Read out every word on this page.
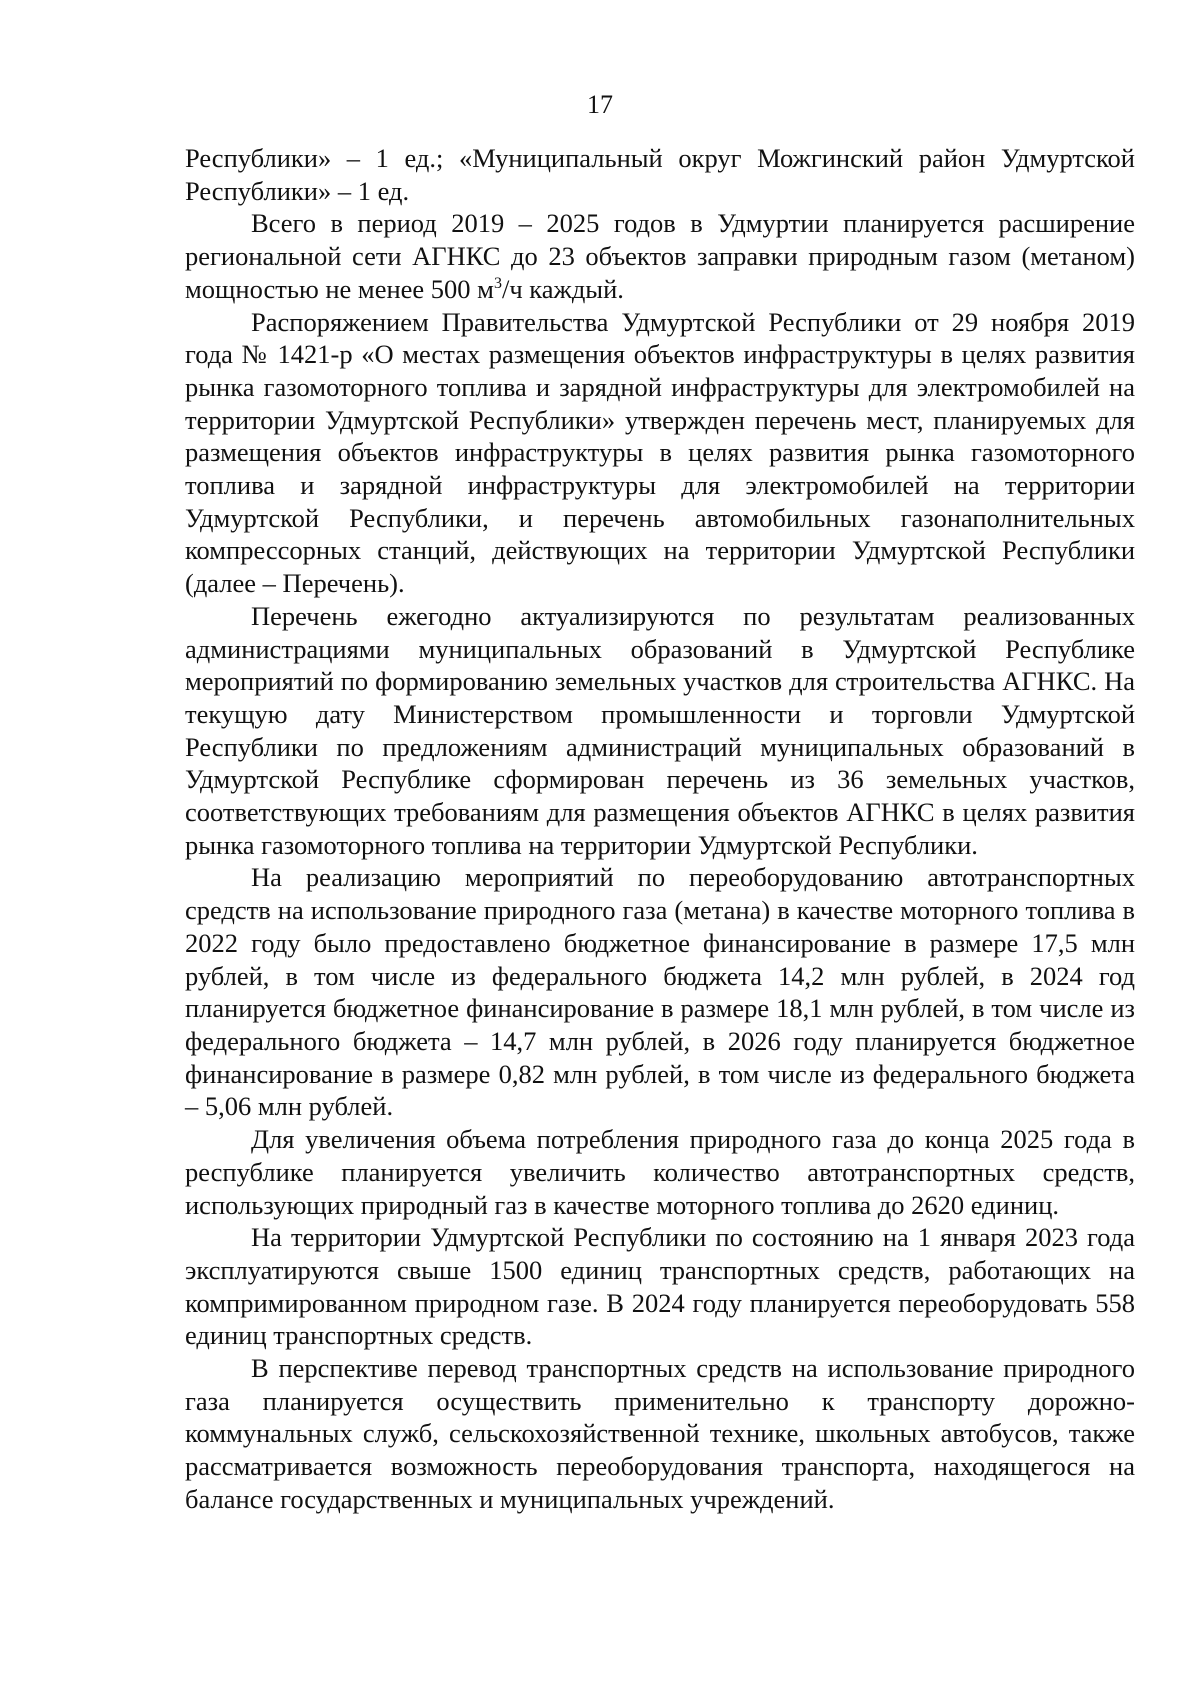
17

Республики» – 1 ед.; «Муниципальный округ Можгинский район Удмуртской Республики» – 1 ед.

Всего в период 2019 – 2025 годов в Удмуртии планируется расширение региональной сети АГНКС до 23 объектов заправки природным газом (метаном) мощностью не менее 500 $м^3/ч$ каждый.

Распоряжением Правительства Удмуртской Республики от 29 ноября 2019 года № 1421-р «О местах размещения объектов инфраструктуры в целях развития рынка газомоторного топлива и зарядной инфраструктуры для электромобилей на территории Удмуртской Республики» утвержден перечень мест, планируемых для размещения объектов инфраструктуры в целях развития рынка газомоторного топлива и зарядной инфраструктуры для электромобилей на территории Удмуртской Республики, и перечень автомобильных газонаполнительных компрессорных станций, действующих на территории Удмуртской Республики (далее – Перечень).

Перечень ежегодно актуализируются по результатам реализованных администрациями муниципальных образований в Удмуртской Республике мероприятий по формированию земельных участков для строительства АГНКС. На текущую дату Министерством промышленности и торговли Удмуртской Республики по предложениям администраций муниципальных образований в Удмуртской Республике сформирован перечень из 36 земельных участков, соответствующих требованиям для размещения объектов АГНКС в целях развития рынка газомоторного топлива на территории Удмуртской Республики.

На реализацию мероприятий по переоборудованию автотранспортных средств на использование природного газа (метана) в качестве моторного топлива в 2022 году было предоставлено бюджетное финансирование в размере 17,5 млн рублей, в том числе из федерального бюджета 14,2 млн рублей, в 2024 год планируется бюджетное финансирование в размере 18,1 млн рублей, в том числе из федерального бюджета – 14,7 млн рублей, в 2026 году планируется бюджетное финансирование в размере 0,82 млн рублей, в том числе из федерального бюджета – 5,06 млн рублей.

Для увеличения объема потребления природного газа до конца 2025 года в республике планируется увеличить количество автотранспортных средств, использующих природный газ в качестве моторного топлива до 2620 единиц.

На территории Удмуртской Республики по состоянию на 1 января 2023 года эксплуатируются свыше 1500 единиц транспортных средств, работающих на компримированном природном газе. В 2024 году планируется переоборудовать 558 единиц транспортных средств.

В перспективе перевод транспортных средств на использование природного газа планируется осуществить применительно к транспорту дорожно-коммунальных служб, сельскохозяйственной технике, школьных автобусов, также рассматривается возможность переоборудования транспорта, находящегося на балансе государственных и муниципальных учреждений.
